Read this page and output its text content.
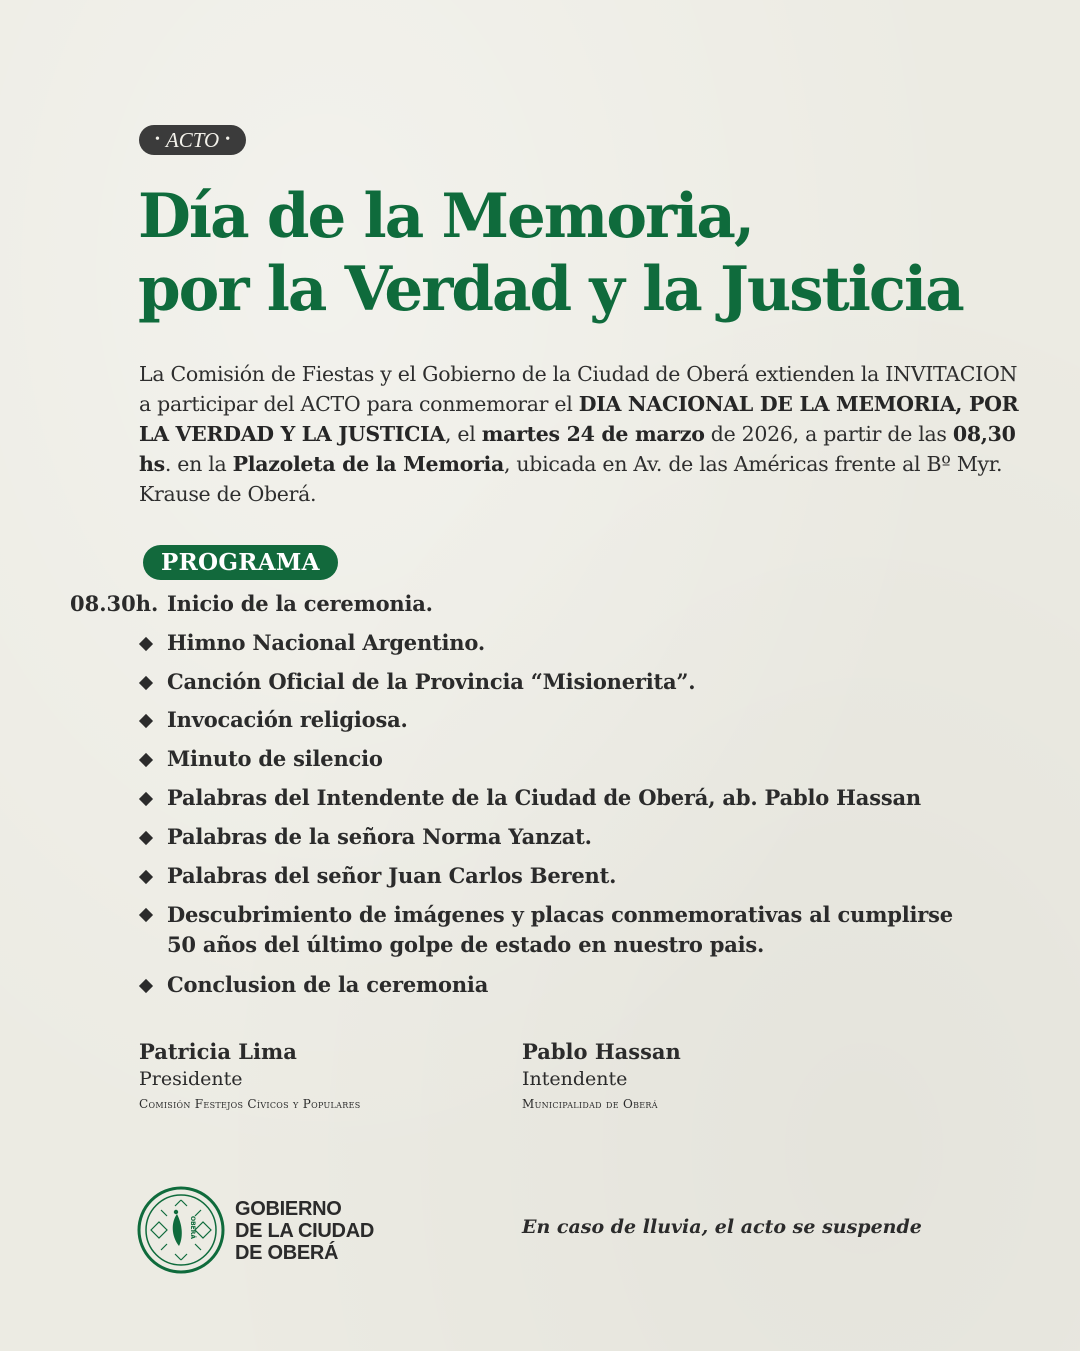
• ACTO •
Día de la Memoria,
por la Verdad y la Justicia

La Comisión de Fiestas y el Gobierno de la Ciudad de Oberá extienden la INVITACION a participar del ACTO para conmemorar el DIA NACIONAL DE LA MEMORIA, POR LA VERDAD Y LA JUSTICIA, el martes 24 de marzo de 2026, a partir de las 08,30 hs. en la Plazoleta de la Memoria, ubicada en Av. de las Américas frente al Bº Myr. Krause de Oberá.

PROGRAMA
08.30h. Inicio de la ceremonia.
Himno Nacional Argentino.
Canción Oficial de la Provincia “Misionerita”.
Invocación religiosa.
Minuto de silencio
Palabras del Intendente de la Ciudad de Oberá, ab. Pablo Hassan
Palabras de la señora Norma Yanzat.
Palabras del señor Juan Carlos Berent.
Descubrimiento de imágenes y placas conmemorativas al cumplirse
50 años del último golpe de estado en nuestro pais.
Conclusion de la ceremonia
Patricia Lima
Presidente
Comisión Festejos Cívicos y Populares
Pablo Hassan
Intendente
Municipalidad de Oberá
OBERÁ
GOBIERNO
DE LA CIUDAD
DE OBERÁ
En caso de lluvia, el acto se suspende
